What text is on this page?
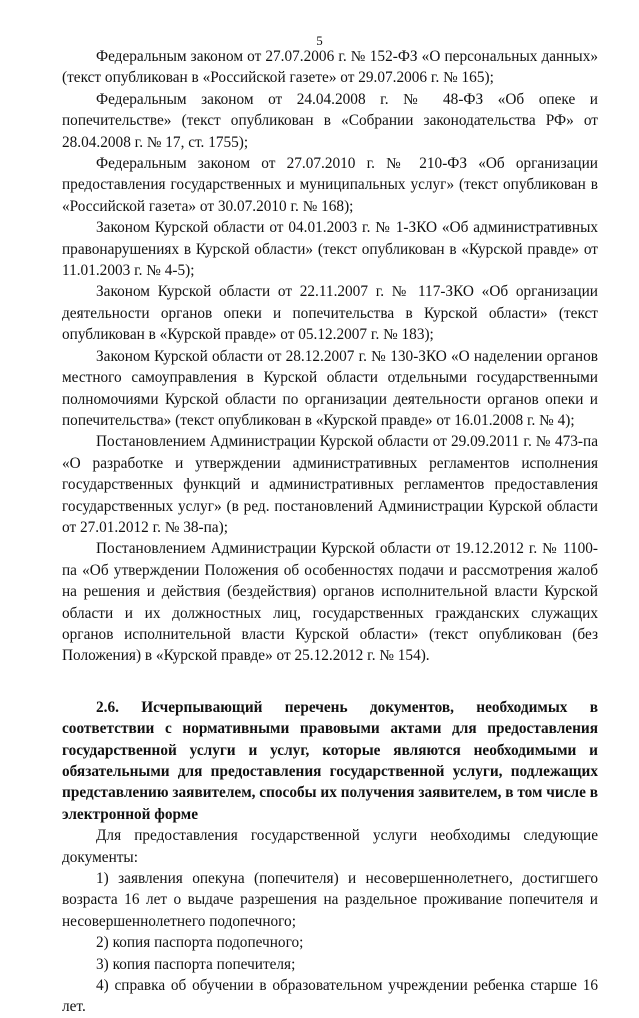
5

Федеральным законом от 27.07.2006 г. № 152-ФЗ «О персональных данных» (текст опубликован в «Российской газете» от 29.07.2006 г. № 165);

Федеральным законом от 24.04.2008 г. № 48-ФЗ «Об опеке и попечительстве» (текст опубликован в «Собрании законодательства РФ» от 28.04.2008 г. № 17, ст. 1755);

Федеральным законом от 27.07.2010 г. № 210-ФЗ «Об организации предоставления государственных и муниципальных услуг» (текст опубликован в «Российской газета» от 30.07.2010 г. № 168);

Законом Курской области от 04.01.2003 г. № 1-ЗКО «Об административных правонарушениях в Курской области» (текст опубликован в «Курской правде» от 11.01.2003 г. № 4-5);

Законом Курской области от 22.11.2007 г. № 117-ЗКО «Об организации деятельности органов опеки и попечительства в Курской области» (текст опубликован в «Курской правде» от 05.12.2007 г. № 183);

Законом Курской области от 28.12.2007 г. № 130-ЗКО «О наделении органов местного самоуправления в Курской области отдельными государственными полномочиями Курской области по организации деятельности органов опеки и попечительства» (текст опубликован в «Курской правде» от 16.01.2008 г. № 4);

Постановлением Администрации Курской области от 29.09.2011 г. № 473-па «О разработке и утверждении административных регламентов исполнения государственных функций и административных регламентов предоставления государственных услуг» (в ред. постановлений Администрации Курской области от 27.01.2012 г. № 38-па);

Постановлением Администрации Курской области от 19.12.2012 г. № 1100-па «Об утверждении Положения об особенностях подачи и рассмотрения жалоб на решения и действия (бездействия) органов исполнительной власти Курской области и их должностных лиц, государственных гражданских служащих органов исполнительной власти Курской области» (текст опубликован (без Положения) в «Курской правде» от 25.12.2012 г. № 154).

2.6. Исчерпывающий перечень документов, необходимых в соответствии с нормативными правовыми актами для предоставления государственной услуги и услуг, которые являются необходимыми и обязательными для предоставления государственной услуги, подлежащих представлению заявителем, способы их получения заявителем, в том числе в электронной форме

Для предоставления государственной услуги необходимы следующие документы:

1) заявления опекуна (попечителя) и несовершеннолетнего, достигшего возраста 16 лет о выдаче разрешения на раздельное проживание попечителя и несовершеннолетнего подопечного;

2) копия паспорта подопечного;

3) копия паспорта попечителя;

4) справка об обучении в образовательном учреждении ребенка старше 16 лет.
